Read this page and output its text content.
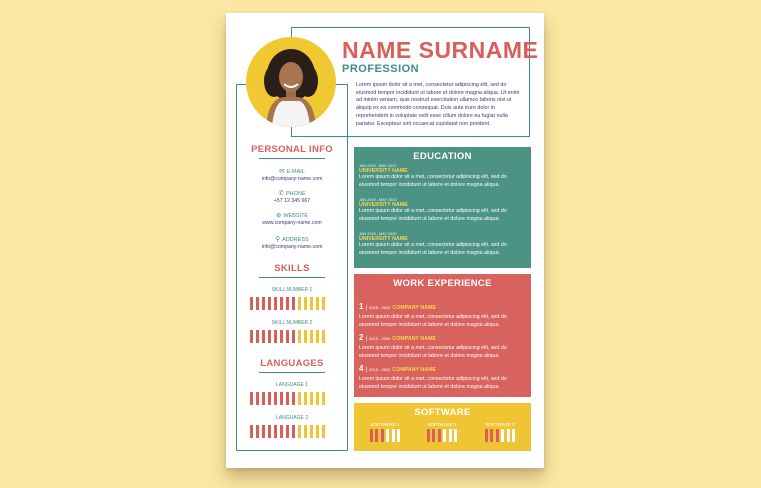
NAME SURNAME
PROFESSION
Lorem ipsum dolor sit a met, consectetur adipiscing elit, sed do eiusmod tempor incididunt ut labore et dolore magna aliqua. Ut enim ad minim veniam, quis nostrud exercitation ullamco laboris nisi ut aliquip ex ea commodo consequat. Duis aute irure dolor in reprehenderit in voluptate velit esse cillum dolore eu fugiat nulla pariatur. Excepteur sint occaecat cupidatat non proident.
PERSONAL INFO
✉ E-MAIL
info@company-name.com
✆ PHONE
+57 12 345 667
⊕ WEBSITE
www.company-name.com
⚲ ADDRESS
info@company-name.com
SKILLS
SKILL NUMBER 1
SKILL NUMBER 2
LANGUAGES
LANGUAGE 1
LANGUAGE 2
EDUCATION
JAN 2019 - MAY 2020
UNIVERSITY NAME
Lorem ipsum dolor sit a met, consectetur adipiscing elit, sed do eiusmod tempor incididunt ut labore et dolore magna aliqua.
JAN 2019 - MAY 2020
UNIVERSITY NAME
Lorem ipsum dolor sit a met, consectetur adipiscing elit, sed do eiusmod tempor incididunt ut labore et dolore magna aliqua.
JAN 2019 - MAY 2020
UNIVERSITY NAME
Lorem ipsum dolor sit a met, consectetur adipiscing elit, sed do eiusmod tempor incididunt ut labore et dolore magna aliqua.
WORK EXPERIENCE
1 | 2019 - 2020 COMPANY NAME
Lorem ipsum dolor sit a met, consectetur adipiscing elit, sed do eiusmod tempor incididunt ut labore et dolore magna aliqua.
2 | 2019 - 2020 COMPANY NAME
Lorem ipsum dolor sit a met, consectetur adipiscing elit, sed do eiusmod tempor incididunt ut labore et dolore magna aliqua.
4 | 2019 - 2020 COMPANY NAME
Lorem ipsum dolor sit a met, consectetur adipiscing elit, sed do eiusmod tempor incididunt ut labore et dolore magna aliqua.
SOFTWARE
SOFTWARE 1	SOFTWARE 2	SOFTWARE 3
